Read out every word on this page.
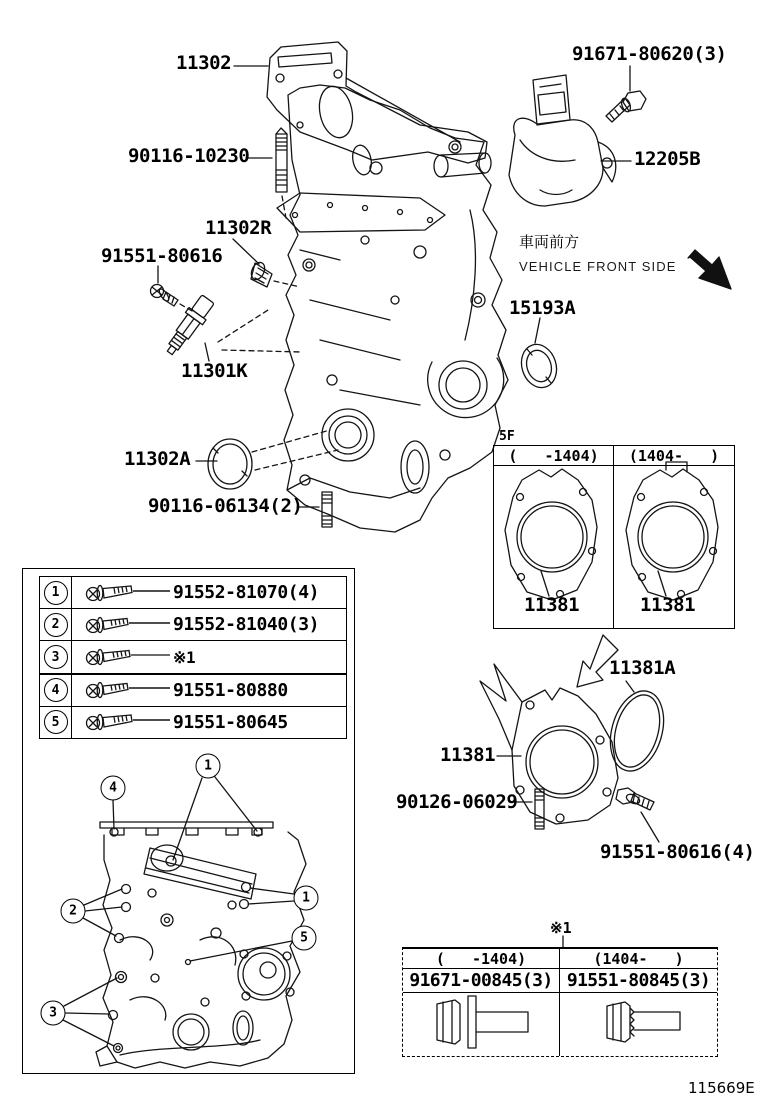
11302	91671-80620(3)
90116-10230	12205B
11302R
車両前方
VEHICLE FRONT SIDE
91551-80616
15193A
11301K
11302A
90116-06134(2)
5F
(   -1404)	(1404-   )
11381	11381
11381A
11381
90126-06029
91551-80616(4)
1	91552-81070(4)
2	91552-81040(3)
3	※1
4	91551-80880
5	91551-80645
1
4
2
1
5
3
※1
(   -1404)	(1404-   )
91671-00845(3) 91551-80845(3)
115669E
